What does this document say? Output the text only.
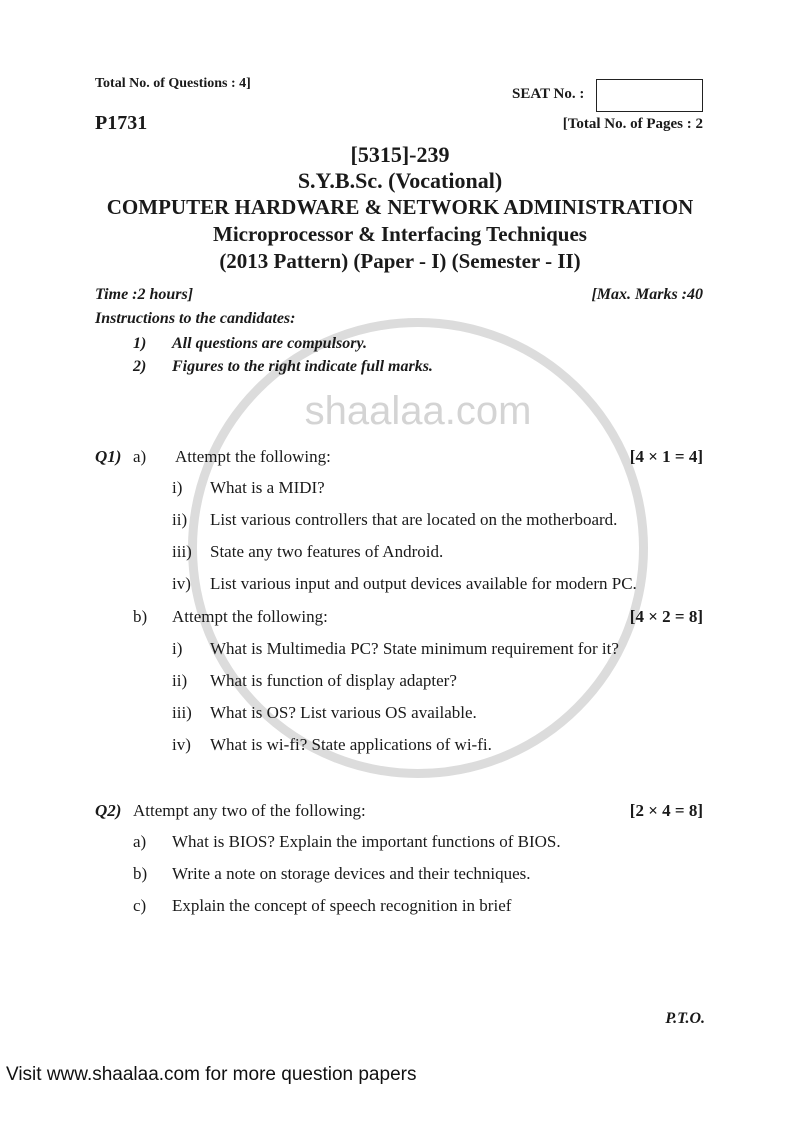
shaalaa.com
Total No. of Questions : 4]
SEAT No. :
P1731	[Total No. of Pages : 2
[5315]-239
S.Y.B.Sc. (Vocational)
COMPUTER HARDWARE & NETWORK ADMINISTRATION
Microprocessor & Interfacing Techniques
(2013 Pattern) (Paper - I) (Semester - II)
Time :2 hours]	[Max. Marks :40
Instructions to the candidates:
1) All questions are compulsory.
2) Figures to the right indicate full marks.
Q1) a) Attempt the following:	[4 × 1 = 4]
i) What is a MIDI?
ii) List various controllers that are located on the motherboard.
iii) State any two features of Android.
iv) List various input and output devices available for modern PC.
b) Attempt the following:	[4 × 2 = 8]
i) What is Multimedia PC? State minimum requirement for it?
ii) What is function of display adapter?
iii) What is OS? List various OS available.
iv) What is wi-fi? State applications of wi-fi.
Q2) Attempt any two of the following:	[2 × 4 = 8]
a) What is BIOS? Explain the important functions of BIOS.
b) Write a note on storage devices and their techniques.
c) Explain the concept of speech recognition in brief
P.T.O.
Visit www.shaalaa.com for more question papers
